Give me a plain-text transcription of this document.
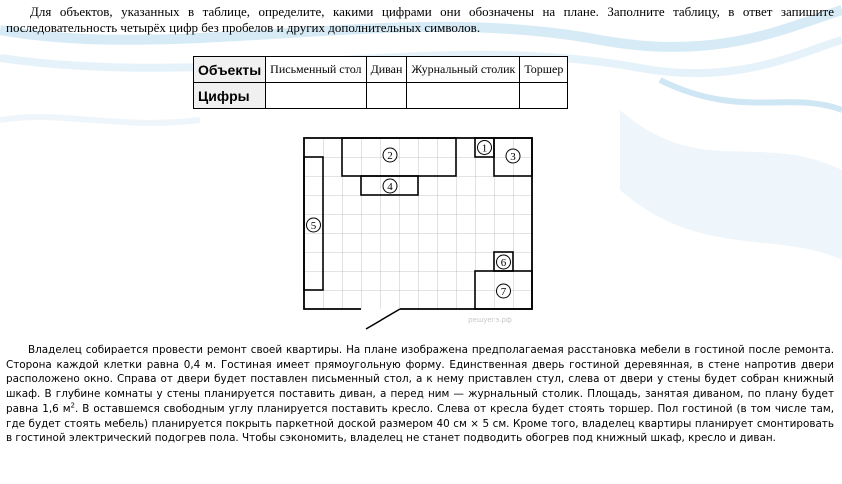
Для объектов, указанных в таблице, определите, какими цифрами они обозначены на плане. Заполните таблицу, в ответ запишите последовательность четырёх цифр без пробелов и других дополнительных символов.
Объекты	Письменный стол	Диван	Журнальный столик	Торшер
Цифры				
1
2	3
4
5
6
7
решуегэ.рф
Владелец собирается провести ремонт своей квартиры. На плане изображена предполагаемая расстановка мебели в гостиной после ремонта. Сторона каждой клетки равна 0,4 м. Гостиная имеет прямоугольную форму. Единственная дверь гостиной деревянная, в стене напротив двери расположено окно. Справа от двери будет поставлен письменный стол, а к нему приставлен стул, слева от двери у стены будет собран книжный шкаф. В глубине комнаты у стены планируется поставить диван, а перед ним — журнальный столик. Площадь, занятая диваном, по плану будет равна 1,6 $м^2$. В оставшемся свободным углу планируется поставить кресло. Слева от кресла будет стоять торшер. Пол гостиной (в том числе там, где будет стоять мебель) планируется покрыть паркетной доской размером 40 см × 5 см. Кроме того, владелец квартиры планирует смонтировать в гостиной электрический подогрев пола. Чтобы сэкономить, владелец не станет подводить обогрев под книжный шкаф, кресло и диван.
